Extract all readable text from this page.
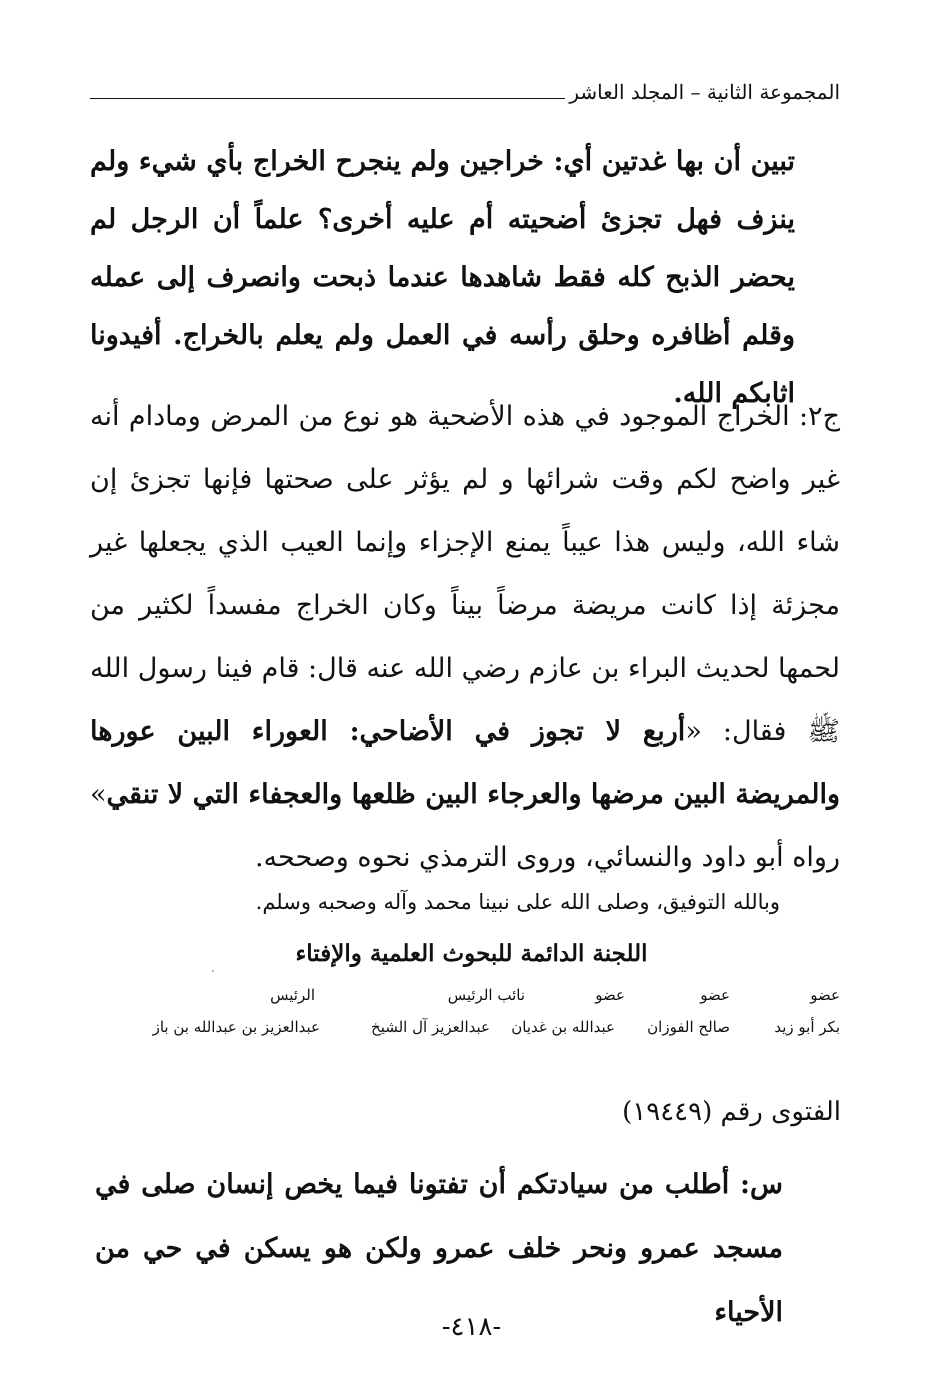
المجموعة الثانية – المجلد العاشر

تبين أن بها غدتين أي: خراجين ولم ينجرح الخراج بأي شيء ولم ينزف فهل تجزئ أضحيته أم عليه أخرى؟ علماً أن الرجل لم يحضر الذبح كله فقط شاهدها عندما ذبحت وانصرف إلى عمله وقلم أظافره وحلق رأسه في العمل ولم يعلم بالخراج. أفيدونا اثابكم الله.

ج٢: الخراج الموجود في هذه الأضحية هو نوع من المرض ومادام أنه غير واضح لكم وقت شرائها و لم يؤثر على صحتها فإنها تجزئ إن شاء الله، وليس هذا عيباً يمنع الإجزاء وإنما العيب الذي يجعلها غير مجزئة إذا كانت مريضة مرضاً بيناً وكان الخراج مفسداً لكثير من لحمها لحديث البراء بن عازم رضي الله عنه قال: قام فينا رسول الله ﷺ فقال: «أربع لا تجوز في الأضاحي: العوراء البين عورها والمريضة البين مرضها والعرجاء البين ظلعها والعجفاء التي لا تنقي» رواه أبو داود والنسائي، وروى الترمذي نحوه وصححه.

وبالله التوفيق، وصلى الله على نبينا محمد وآله وصحبه وسلم.
اللجنة الدائمة للبحوث العلمية والإفتاء
عضو
عضو
عضو
نائب الرئيس
الرئيس
بكر أبو زيد
صالح الفوزان
عبدالله بن غديان
عبدالعزيز آل الشيخ
عبدالعزيز بن عبدالله بن باز
الفتوى رقم (١٩٤٤٩)

س: أطلب من سيادتكم أن تفتونا فيما يخص إنسان صلى في مسجد عمرو ونحر خلف عمرو ولكن هو يسكن في حي من الأحياء

-٤١٨-
